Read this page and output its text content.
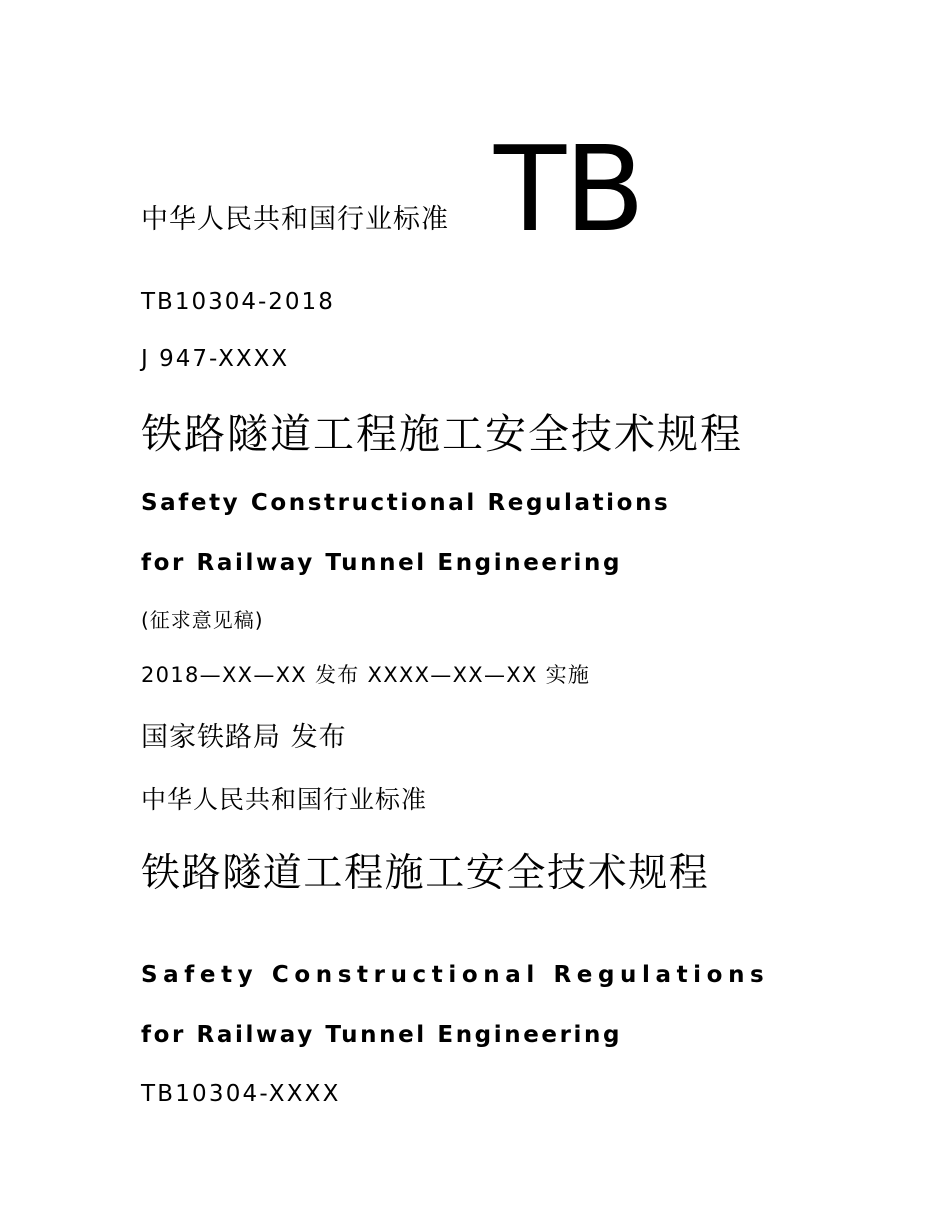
中华人民共和国行业标准 TB
TB10304-2018
J 947-XXXX
铁路隧道工程施工安全技术规程
Safety Constructional Regulations
for Railway Tunnel Engineering
(征求意见稿)
2018—XX—XX 发布 XXXX—XX—XX 实施
国家铁路局 发布
中华人民共和国行业标准
铁路隧道工程施工安全技术规程
Safety Constructional Regulations
for Railway Tunnel Engineering
TB10304-XXXX
